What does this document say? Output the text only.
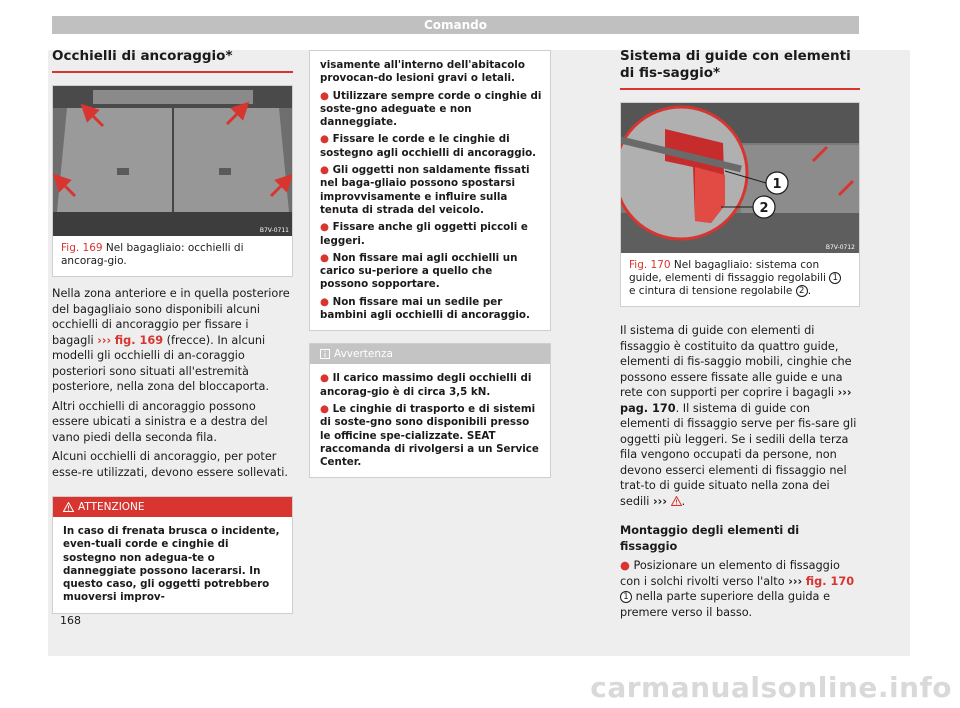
Comando
Occhielli di ancoraggio*
B7V-0711
Fig. 169 Nel bagagliaio: occhielli di ancorag-gio.

Nella zona anteriore e in quella posteriore del bagagliaio sono disponibili alcuni occhielli di ancoraggio per fissare i bagagli ››› fig. 169 (frecce). In alcuni modelli gli occhielli di an-coraggio posteriori sono situati all'estremità posteriore, nella zona del bloccaporta.

Altri occhielli di ancoraggio possono essere ubicati a sinistra e a destra del vano piedi della seconda fila.

Alcuni occhielli di ancoraggio, per poter esse-re utilizzati, devono essere sollevati.

ATTENZIONE
In caso di frenata brusca o incidente, even-tuali corde e cinghie di sostegno non adegua-te o danneggiate possono lacerarsi. In questo caso, gli oggetti potrebbero muoversi improv-
visamente all'interno dell'abitacolo provocan-do lesioni gravi o letali.
● Utilizzare sempre corde o cinghie di soste-gno adeguate e non danneggiate.
● Fissare le corde e le cinghie di sostegno agli occhielli di ancoraggio.
● Gli oggetti non saldamente fissati nel baga-gliaio possono spostarsi improvvisamente e influire sulla tenuta di strada del veicolo.
● Fissare anche gli oggetti piccoli e leggeri.
● Non fissare mai agli occhielli un carico su-periore a quello che possono sopportare.
● Non fissare mai un sedile per bambini agli occhielli di ancoraggio.
Avvertenza
● Il carico massimo degli occhielli di ancorag-gio è di circa 3,5 kN.
● Le cinghie di trasporto e di sistemi di soste-gno sono disponibili presso le officine spe-cializzate. SEAT raccomanda di rivolgersi a un Service Center.
Sistema di guide con elementi di fis-saggio*
1
2
B7V-0712
Fig. 170 Nel bagagliaio: sistema con guide, elementi di fissaggio regolabili 1 e cintura di tensione regolabile 2 .

Il sistema di guide con elementi di fissaggio è costituito da quattro guide, elementi di fis-saggio mobili, cinghie che possono essere fissate alle guide e una rete con supporti per coprire i bagagli ››› pag. 170. Il sistema di guide con elementi di fissaggio serve per fis-sare gli oggetti più leggeri. Se i sedili della terza fila vengono occupati da persone, non devono esserci elementi di fissaggio nel trat-to di guide situato nella zona dei sedili ››› .

Montaggio degli elementi di fissaggio

● Posizionare un elemento di fissaggio con i solchi rivolti verso l'alto ››› fig. 170 1 nella parte superiore della guida e premere verso il basso.

168
carmanualsonline.info
